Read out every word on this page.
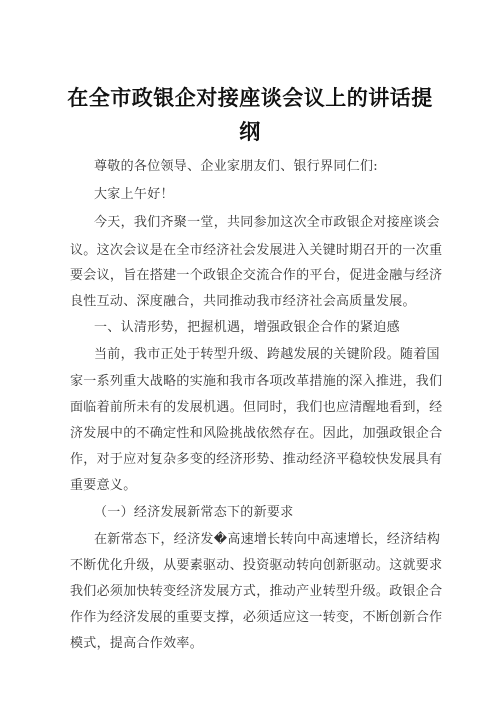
在全市政银企对接座谈会议上的讲话提
纲
尊敬的各位领导、企业家朋友们、银行界同仁们:
大家上午好！
今天，我们齐聚一堂，共同参加这次全市政银企对接座谈会
议。这次会议是在全市经济社会发展进入关键时期召开的一次重
要会议，旨在搭建一个政银企交流合作的平台，促进金融与经济
良性互动、深度融合，共同推动我市经济社会高质量发展。
一、认清形势，把握机遇，增强政银企合作的紧迫感
当前，我市正处于转型升级、跨越发展的关键阶段。随着国
家一系列重大战略的实施和我市各项改革措施的深入推进，我们
面临着前所未有的发展机遇。但同时，我们也应清醒地看到，经
济发展中的不确定性和风险挑战依然存在。因此，加强政银企合
作，对于应对复杂多变的经济形势、推动经济平稳较快发展具有
重要意义。
（一）经济发展新常态下的新要求
在新常态下，经济发�高速增长转向中高速增长，经济结构
不断优化升级，从要素驱动、投资驱动转向创新驱动。这就要求
我们必须加快转变经济发展方式，推动产业转型升级。政银企合
作作为经济发展的重要支撑，必须适应这一转变，不断创新合作
模式，提高合作效率。
